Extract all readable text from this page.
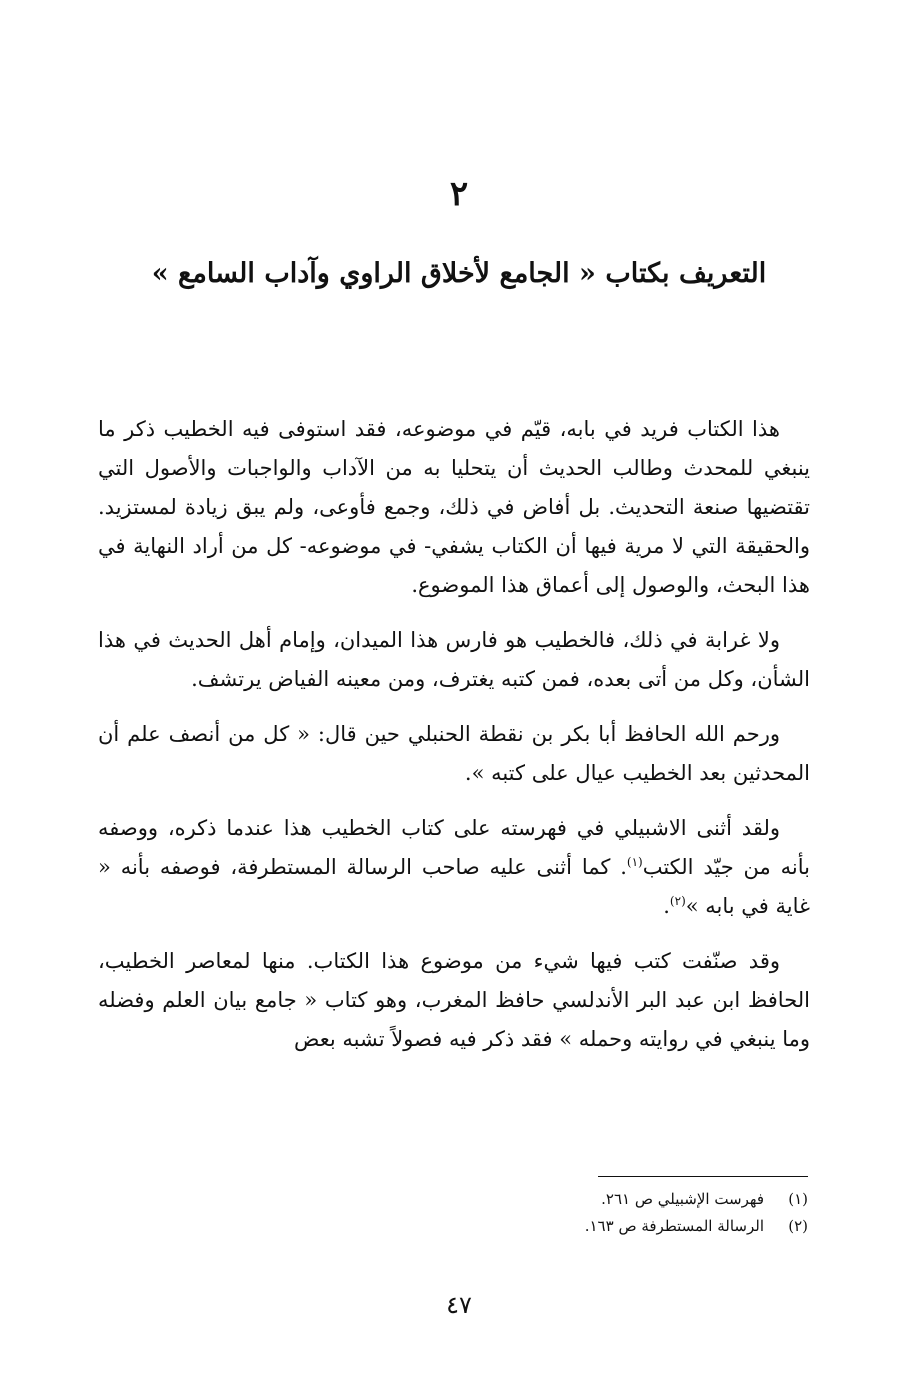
٢
التعريف بكتاب « الجامع لأخلاق الراوي وآداب السامع »

هذا الكتاب فريد في بابه، قيّم في موضوعه، فقد استوفى فيه الخطيب ذكر ما ينبغي للمحدث وطالب الحديث أن يتحليا به من الآداب والواجبات والأصول التي تقتضيها صنعة التحديث. بل أفاض في ذلك، وجمع فأوعى، ولم يبق زيادة لمستزيد. والحقيقة التي لا مرية فيها أن الكتاب يشفي- في موضوعه- كل من أراد النهاية في هذا البحث، والوصول إلى أعماق هذا الموضوع.

ولا غرابة في ذلك، فالخطيب هو فارس هذا الميدان، وإمام أهل الحديث في هذا الشأن، وكل من أتى بعده، فمن كتبه يغترف، ومن معينه الفياض يرتشف.

ورحم الله الحافظ أبا بكر بن نقطة الحنبلي حين قال: « كل من أنصف علم أن المحدثين بعد الخطيب عيال على كتبه ».

ولقد أثنى الاشبيلي في فهرسته على كتاب الخطيب هذا عندما ذكره، ووصفه بأنه من جيّد الكتب$^{(١)}$. كما أثنى عليه صاحب الرسالة المستطرفة، فوصفه بأنه « غاية في بابه »$^{(٢)}$.

وقد صنّفت كتب فيها شيء من موضوع هذا الكتاب. منها لمعاصر الخطيب، الحافظ ابن عبد البر الأندلسي حافظ المغرب، وهو كتاب « جامع بيان العلم وفضله وما ينبغي في روايته وحمله » فقد ذكر فيه فصولاً تشبه بعض

(١)
فهرست الإشبيلي ص ٢٦١.
(٢)
الرسالة المستطرفة ص ١٦٣.
٤٧
